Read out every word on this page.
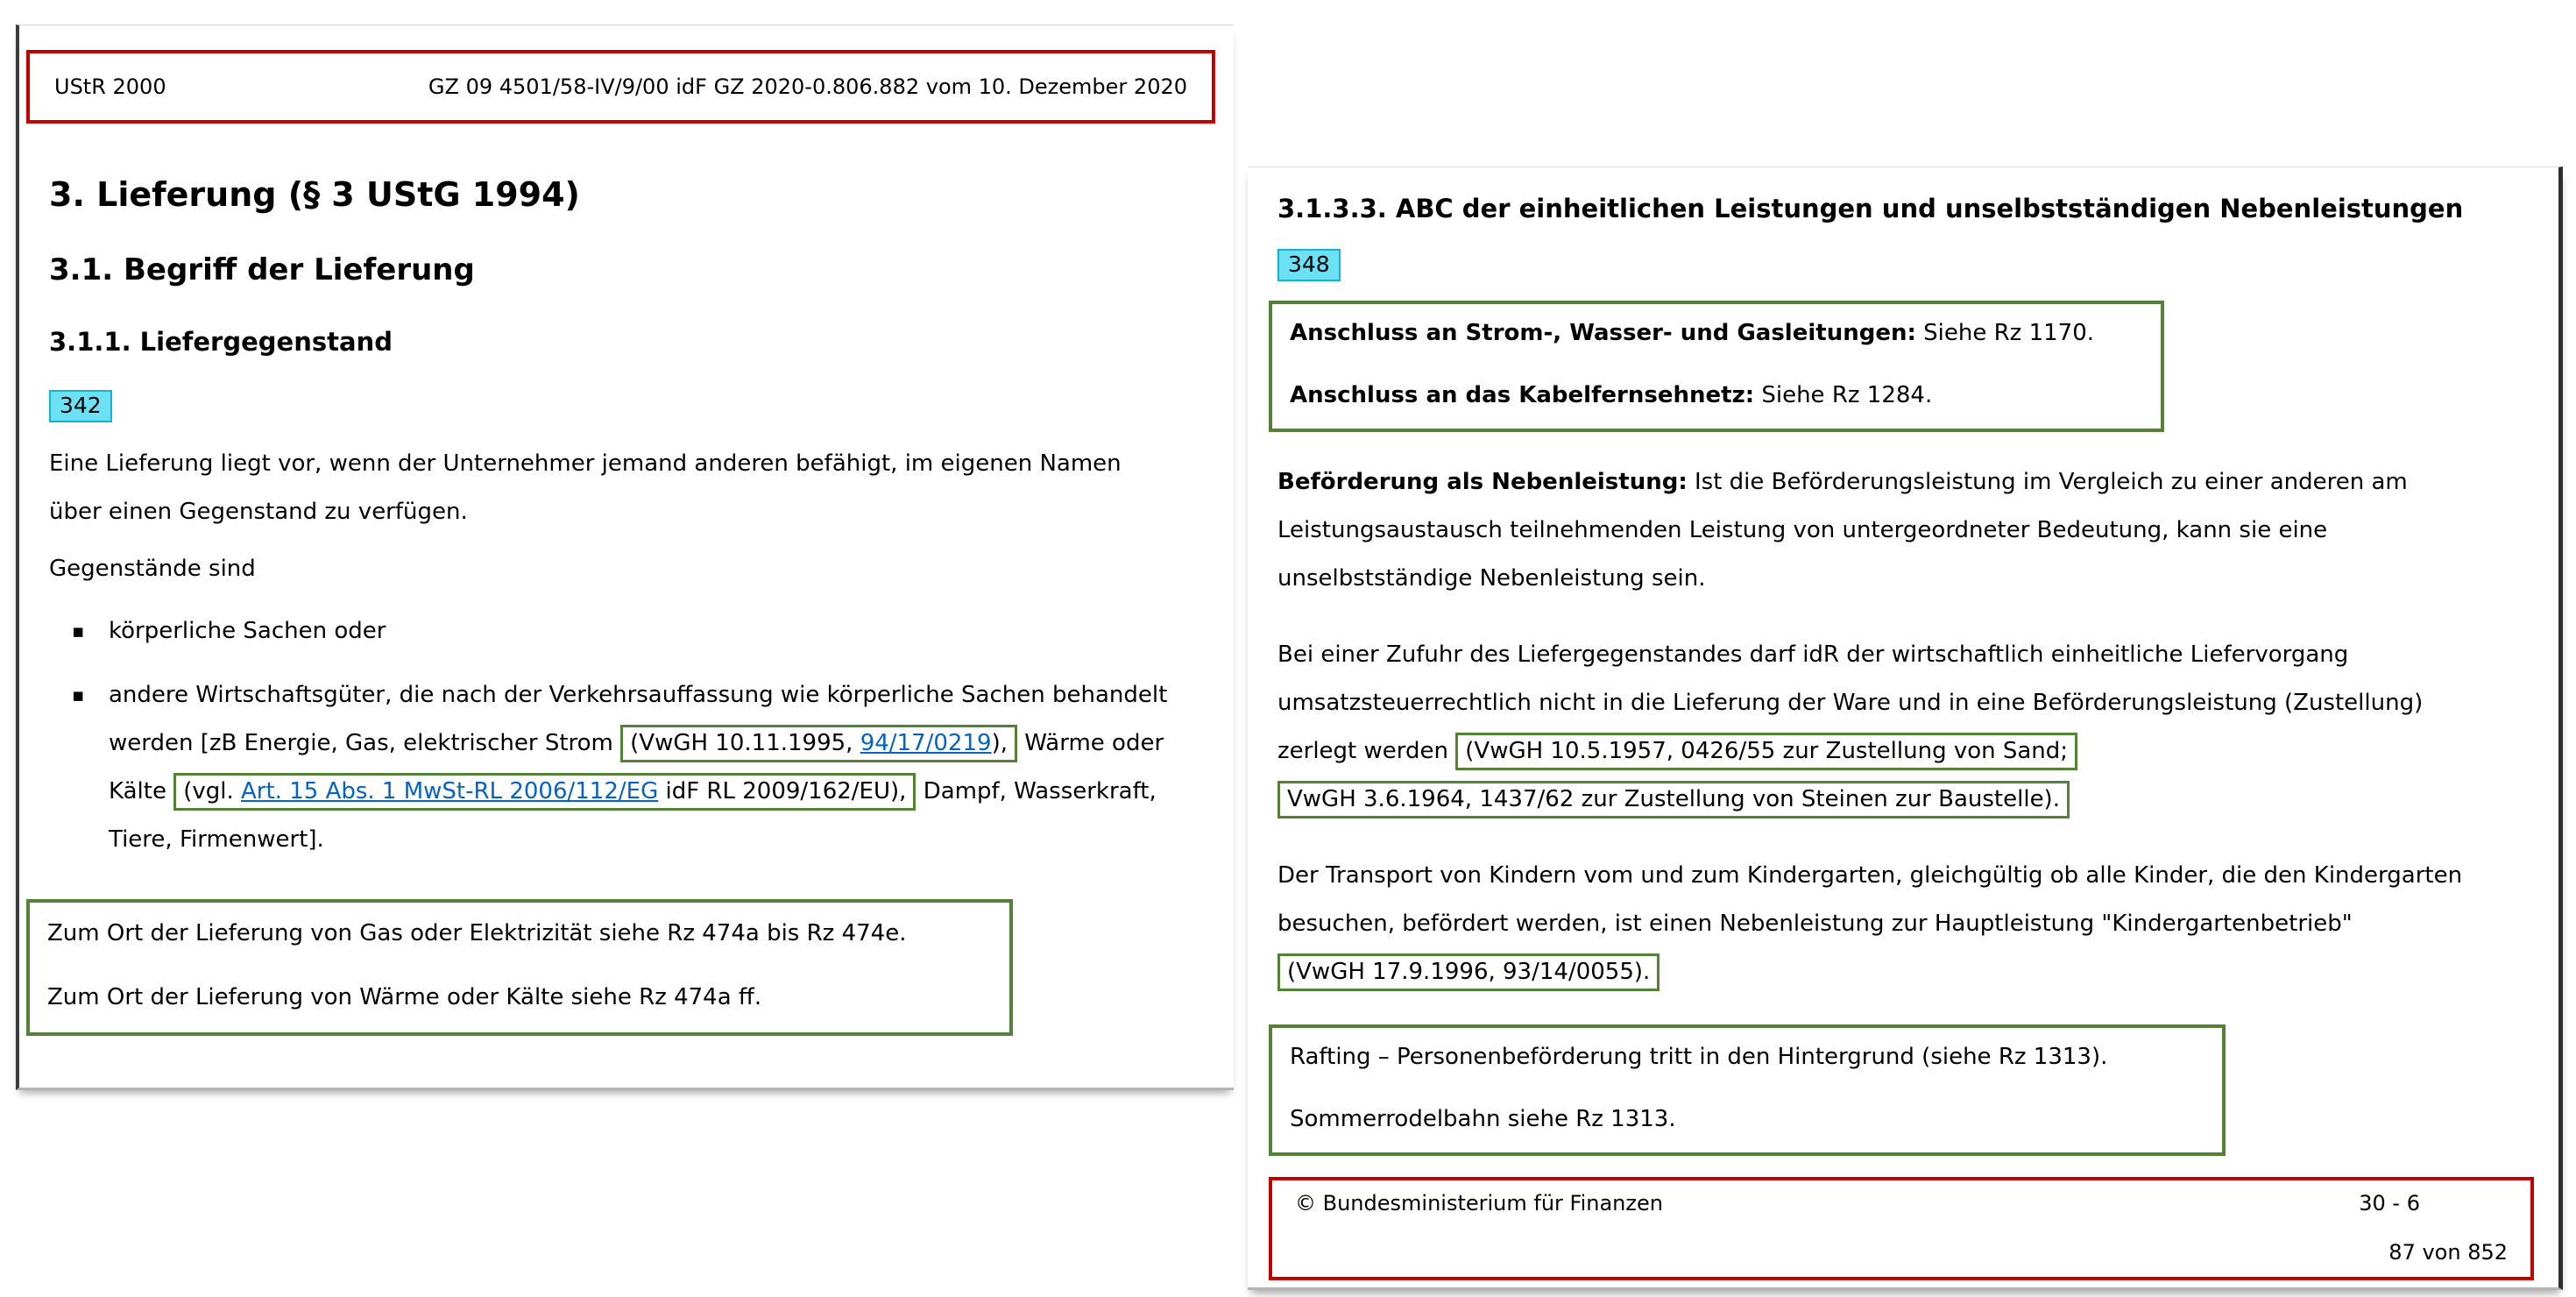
UStR 2000	GZ 09 4501/58-IV/9/00 idF GZ 2020-0.806.882 vom 10. Dezember 2020
3. Lieferung (§ 3 UStG 1994)
3.1. Begriff der Lieferung
3.1.1. Liefergegenstand
342

Eine Lieferung liegt vor, wenn der Unternehmer jemand anderen befähigt, im eigenen Namen über einen Gegenstand zu verfügen.

Gegenstände sind

▪ körperliche Sachen oder
▪ andere Wirtschaftsgüter, die nach der Verkehrsauffassung wie körperliche Sachen behandelt werden [zB Energie, Gas, elektrischer Strom (VwGH 10.11.1995, 94/17/0219), Wärme oder Kälte (vgl. Art. 15 Abs. 1 MwSt-RL 2006/112/EG idF RL 2009/162/EU), Dampf, Wasserkraft, Tiere, Firmenwert].

Zum Ort der Lieferung von Gas oder Elektrizität siehe Rz 474a bis Rz 474e.

Zum Ort der Lieferung von Wärme oder Kälte siehe Rz 474a ff.

3.1.3.3. ABC der einheitlichen Leistungen und unselbstständigen Nebenleistungen
348

Anschluss an Strom-, Wasser- und Gasleitungen: Siehe Rz 1170.

Anschluss an das Kabelfernsehnetz: Siehe Rz 1284.

Beförderung als Nebenleistung: Ist die Beförderungsleistung im Vergleich zu einer anderen am Leistungsaustausch teilnehmenden Leistung von untergeordneter Bedeutung, kann sie eine unselbstständige Nebenleistung sein.

Bei einer Zufuhr des Liefergegenstandes darf idR der wirtschaftlich einheitliche Liefervorgang umsatzsteuerrechtlich nicht in die Lieferung der Ware und in eine Beförderungsleistung (Zustellung) zerlegt werden (VwGH 10.5.1957, 0426/55 zur Zustellung von Sand; VwGH 3.6.1964, 1437/62 zur Zustellung von Steinen zur Baustelle).

Der Transport von Kindern vom und zum Kindergarten, gleichgültig ob alle Kinder, die den Kindergarten besuchen, befördert werden, ist einen Nebenleistung zur Hauptleistung "Kindergartenbetrieb" (VwGH 17.9.1996, 93/14/0055).

Rafting – Personenbeförderung tritt in den Hintergrund (siehe Rz 1313).

Sommerrodelbahn siehe Rz 1313.

© Bundesministerium für Finanzen	30 - 6
87 von 852
